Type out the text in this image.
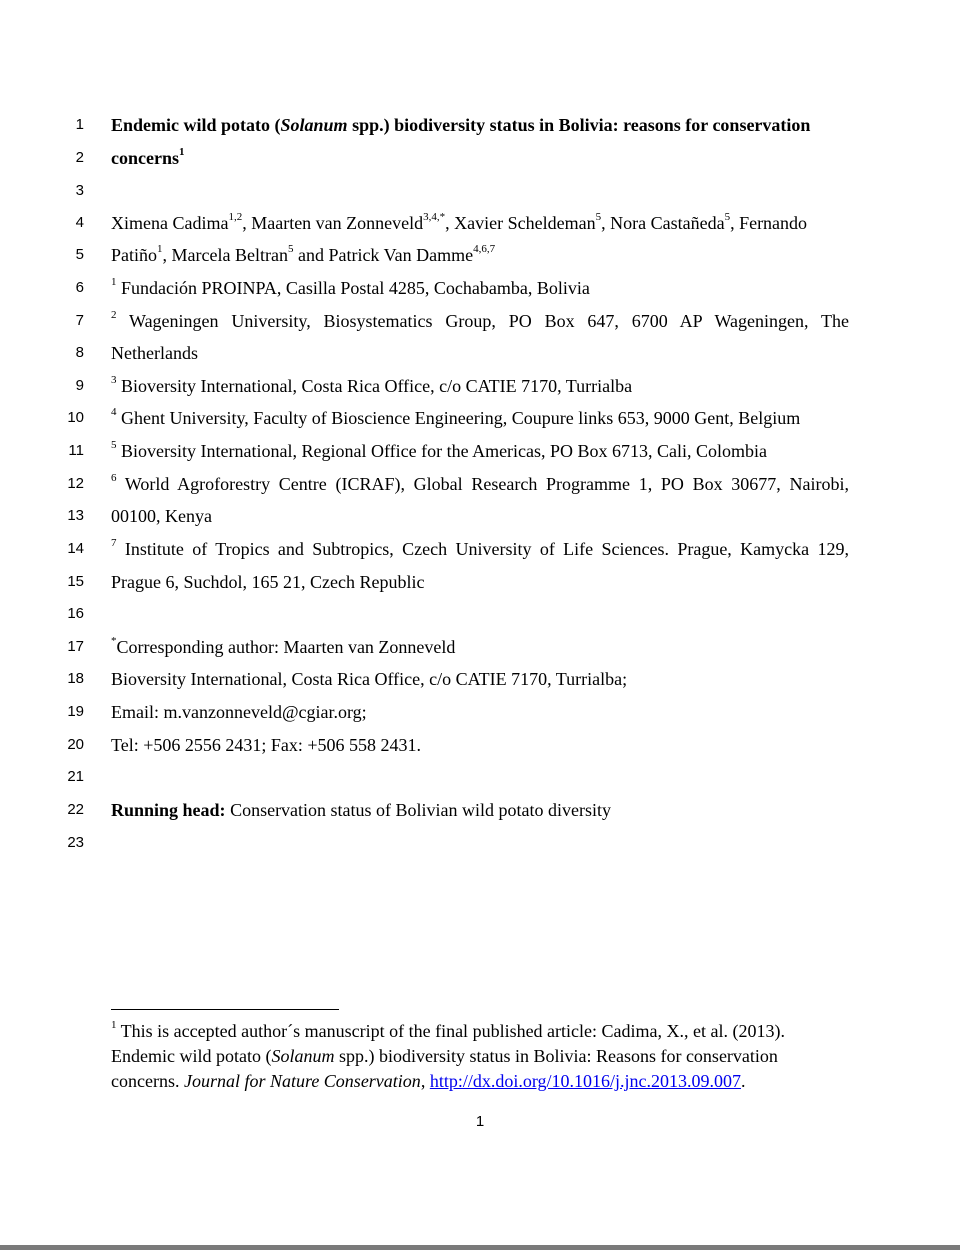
1 Endemic wild potato (Solanum spp.) biodiversity status in Bolivia: reasons for conservation
2 concerns$^1$
3
4 Ximena Cadima$^{1,2}$, Maarten van Zonneveld$^{3,4,*}$, Xavier Scheldeman$^5$, Nora Castañeda$^5$, Fernando
5 Patiño$^1$, Marcela Beltran$^5$ and Patrick Van Damme$^{4,6,7}$
6 $^1$ Fundación PROINPA, Casilla Postal 4285, Cochabamba, Bolivia
7 $^2$ Wageningen University, Biosystematics Group, PO Box 647, 6700 AP Wageningen, The
8 Netherlands
9 $^3$ Bioversity International, Costa Rica Office, c/o CATIE 7170, Turrialba
10 $^4$ Ghent University, Faculty of Bioscience Engineering, Coupure links 653, 9000 Gent, Belgium
11 $^5$ Bioversity International, Regional Office for the Americas, PO Box 6713, Cali, Colombia
12 $^6$ World Agroforestry Centre (ICRAF), Global Research Programme 1, PO Box 30677, Nairobi,
13 00100, Kenya
14 $^7$ Institute of Tropics and Subtropics, Czech University of Life Sciences. Prague, Kamycka 129,
15 Prague 6, Suchdol, 165 21, Czech Republic
16
17 *Corresponding author: Maarten van Zonneveld
18 Bioversity International, Costa Rica Office, c/o CATIE 7170, Turrialba;
19 Email: m.vanzonneveld@cgiar.org;
20 Tel: +506 2556 2431; Fax: +506 558 2431.
21
22 Running head: Conservation status of Bolivian wild potato diversity
23
$^1$ This is accepted author´s manuscript of the final published article: Cadima, X., et al. (2013).
Endemic wild potato (Solanum spp.) biodiversity status in Bolivia: Reasons for conservation
concerns. Journal for Nature Conservation, http://dx.doi.org/10.1016/j.jnc.2013.09.007.
1
